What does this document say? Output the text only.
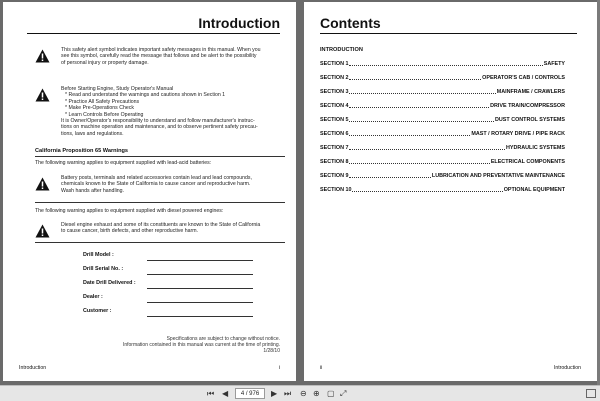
Introduction
This safety alert symbol indicates important safety messages in this manual. When you
see this symbol, carefully read the message that follows and be alert to the possibility
of personal injury or property damage.
Before Starting Engine, Study Operator's Manual
* Read and understand the warnings and cautions shown in Section 1
* Practice All Safety Precautions
* Make Pre-Operations Check
* Learn Controls Before Operating
It is Owner/Operator's responsibility to understand and follow manufacturer's instruc-
tions on machine operation and maintenance, and to observe pertinent safety precau-
tions, laws and regulations.
California Proposition 65 Warnings
The following warning applies to equipment supplied with lead-acid batteries:
Battery posts, terminals and related accessories contain lead and lead compounds,
chemicals known to the State of California to cause cancer and reproductive harm.
Wash hands after handling.
The following warning applies to equipment supplied with diesel powered engines:
Diesel engine exhaust and some of its constituents are known to the State of California
to cause cancer, birth defects, and other reproductive harm.
Drill Model :
Drill Serial No. :
Date Drill Delivered :
Dealer :
Customer :
Specifications are subject to change without notice.
Information contained in this manual was current at the time of printing.
1/28/10
Introduction	i
Contents
INTRODUCTION
SECTION 1	SAFETY
SECTION 2	OPERATOR'S CAB / CONTROLS
SECTION 3	MAINFRAME / CRAWLERS
SECTION 4	DRIVE TRAIN/COMPRESSOR
SECTION 5	DUST CONTROL SYSTEMS
SECTION 6	MAST / ROTARY DRIVE / PIPE RACK
SECTION 7	HYDRAULIC SYSTEMS
SECTION 8	ELECTRICAL COMPONENTS
SECTION 9	LUBRICATION AND PREVENTATIVE MAINTENANCE
SECTION 10	OPTIONAL EQUIPMENT
ii	Introduction
⏮ ◀	4 / 976	▶ ⏭ ⊖ ⊕ ▢ ⤢
